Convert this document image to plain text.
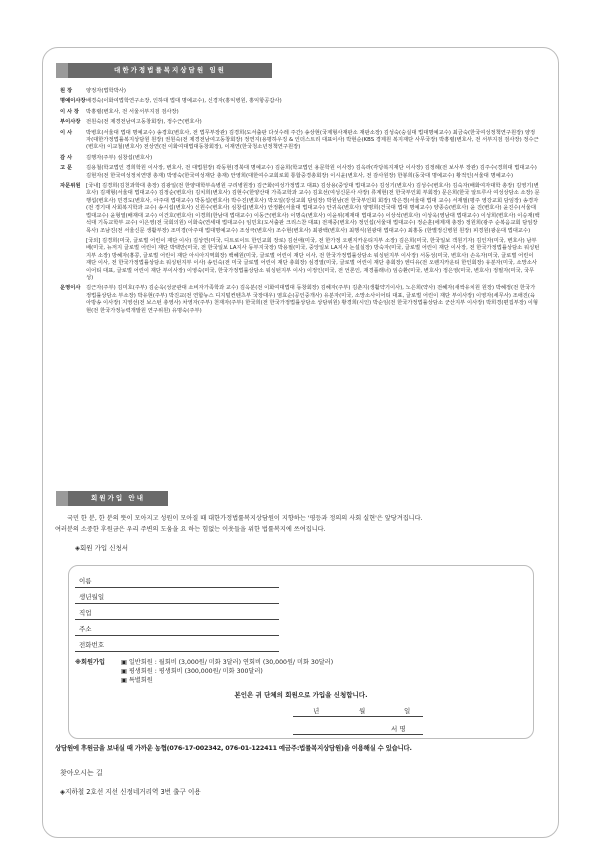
대한가정법률복지상담원 임원
원 장	양정자(법학박사)
명예이사장 배경숙(이화여법학연구소장, 인하대 법대 명예교수), 신경자(홍익병원, 홍익항공갑사)
이 사 장	박홍렬(변호사, 전 서울서부지검 검사장)
부이사장	전원숙(전 제경전남여고동창회장), 정수근(변호사)
이 사	박병호(서울대 법대 명예교수) 송경호(변호사, 전 법무부장관) 김경희(도서출판 다섯수레 주간) 송상현(국제형사재판소 재판소장) 김성숙(숭실대 법대명예교수) 최금숙(한국여성정책연구원장) 양정자(대한가정법률복지상담원 원장) 권원숙(전 제경전남여고동창회장) 정연지(용평하우징 & 인더스트리 대표이사) 박현순(KBS 경제원 복지재단 사무국장) 박홍렬(변호사, 전 서부지검 검사장) 정수근(변호사) 이교철(변호사) 전상연(전 이화여대법대동창회장), 이재연(한국청소년정책연구원장)
감 사	김행자(주부) 심창섭(변호사)
고 문	김용철(학교법인 경희학원 이사장, 변호사, 전 대법원장) 곽동현(경북대 명예교수) 김윤희(학교법인 용문학원 이사장) 김옥라(각당복지재단 이사장) 김정례(전 보사부 장관) 김주수(경희대 법대교수) 김현자(전 한국여성정치연맹 총재) 박영숙(한국여성재단 총재) 안영희(대한여수교회로회 통합중경총회장) 이시윤(변호사, 전 감사원장) 한봉희(동국대 명예교수) 황적인(서울대 명예교수)
자문위원	[국내] 김경희(김천과학대 총장) 김광일(전 한양대학부속병원 구리병원장) 김근화(여성가정법고 대표) 김상용(중앙대 법대교수) 김성기(변호사) 김성수(변호사) 김숙자(배화여자대학 총장) 김영기(변호사) 김재형(서울대 법대교수) 김정순(변호사) 김치희(변호사) 김현수(한양산대 가족교학과 교수) 김효선(여성신문사 사장) 류계현(전 한국부인회 부회장) 문은희(한국 알트루사 여성상담소 소장) 문행섭(변호사) 민경도(변호사, 아주대 법대교수) 박동섭(변호사) 박수진(변호사) 박오일(강성교회 담임장) 박원남(전 한국부인회 회장) 박은경(서울대 법대 교수) 서재필(평주 영강교회 담임장) 송경자(전 경기대 사회복지학과 교수) 송시섭(변호사) 신원수(변호사) 심창섭(변호사) 안정환(서울대 법대교수) 안귀옥(변호사) 양명희(건국대 법대 명예교수) 양종승(변호사) 윤 진(변호사) 윤진수(서울대 법대교수) 윤형열(배재대 교수) 이건호(변호사) 이경희(한남대 법대교수) 이동근(변호사) 이명숙(변호사) 이윤위(제재대 법대교수) 이상석(변호사) 이상욱(영남대 법대교수) 이성희(변호사) 이승재(백석대 기독교학부 교수) 이은영(전 국회의원) 이화숙(연세대 법대교수) 임민호(도서출판 크리스찬 대표) 전재중(변호사) 정인섭(서울대 법대교수) 정순훈(에제재 총장) 정원희(광주 순복음교회 담임장 목사) 조남진(전 서울신문 생활부장) 조미경(아주대 법대명예교수) 조성극(변호사) 조수현(변호사) 최광백(변호사) 최행식(원광대 법대교수) 최홍동 (한별정신병원 원장) 피경원(광운대 법대교수)
[국외] 김경희(미국, 글로벌 어린이 재단 이사) 김상연(미국, 디트로이트 한인교회 장로) 김선애(미국, 전 한가정 오렌지카운티지부 소장) 김은희(미국, 한국일보 객원기자) 김인자(미국, 변호사) 남부배(미국, 뉴저지 글로벌 어린이 재단 박택만(미국, 전 한국일보 LA지사 동부지국장) 박용필(미국, 중앙일보 LA지사 논설실장) 방숙자(미국, 글로벌 어린이 재단 이사장, 전 한국가정법률상담소 워싱턴지부 소장) 방혜자(홍콩, 글로벌 어린이 재단 아시아지역회장) 백혜원(미국, 글로벌 어린이 재단 이사, 전 한국가정법률상담소 워싱턴지부 이사장) 서동성(미국, 변호사) 손옥자(미국, 글로벌 어린이 재단 이사, 전 한국가정법률상담소 워싱턴지부 이사) 송인숙(전 미국 글로벌 어린이 재단 총회장) 심경열(미국, 글로벌 어린이 재단 총회장) 엔디유(전 오렌지카운티 한인회장) 유분자(미국, 소망소사이어티 대표, 글로벌 어린이 재단 부이사장) 이영숙(미국, 한국가정법률상담소 워싱턴지부 이사) 이정인(미국, 전 언론인, 재경플래너) 임승환(미국, 변호사) 정은영(미국, 변호사) 정필자(미국, 국무성)
운영이사	김근자(주부) 김미호(주부) 김순옥(성균관대 소비자가족학과 교수) 김옥분(전 이화여대법대 동창회장) 김혜자(주부) 김춘지(생활약기이사), 노은희(약사) 전혜자(새싹유치원 원장) 박혜정(전 한국가정법률상담소 부소장) 박유현(주부) 박진교(전 연합뉴스 디지털컨텐츠부 국장대우) 염효순(공인중개사) 유분자(미국, 소망소사이어티 대표, 글로벌 어린이 재단 부이사장) 이영자(세무사) 조애진(육아방송 이사장) 지영선(전 보스턴 총영사) 차영자(주부) 천재자(주부) 한국희(전 한국가정법률상담소 상담위원) 황경희(시인) 박순임(전 한국가정법률상담소 군산지부 이사장) 박희경(편집부장) 이형현(전 한국가정능력개발원 연구위원) 유명숙(주부)
회원가입 안내
국민 한 분, 한 분의 뜻이 모아지고 성원이 모아질 때 대한가정법률복지상담원이 지향하는 '평등과 정의의 사회 실현'은 앞당겨집니다.
여러분의 소중한 후원금은 우리 주변의 도움을 요 하는 힘없는 이웃들을 위한 법률복지에 쓰여집니다.
◈회원 가입 신청서
이름
생년월일
직업
주소
전화번호
※회원가입	▣ 일반회원 : 월회비 (3,000원/ 미화 3달러) 연회비 (30,000원/ 미화 30달러)
▣ 평생회원 : 평생회비 (300,000원/ 미화 300달러)
▣ 특별회원
본인은 귀 단체의 회원으로 가입을 신청합니다.
년	월	일
서 명
상담원에 후원금을 보내실 때 가까운 농협(076-17-002342, 076-01-122411 예금주:법률복지상담원)을 이용해실 수 있습니다.
찾아오시는 길
◈지하철 2호선 지선 신정네거리역 3번 출구 이용
